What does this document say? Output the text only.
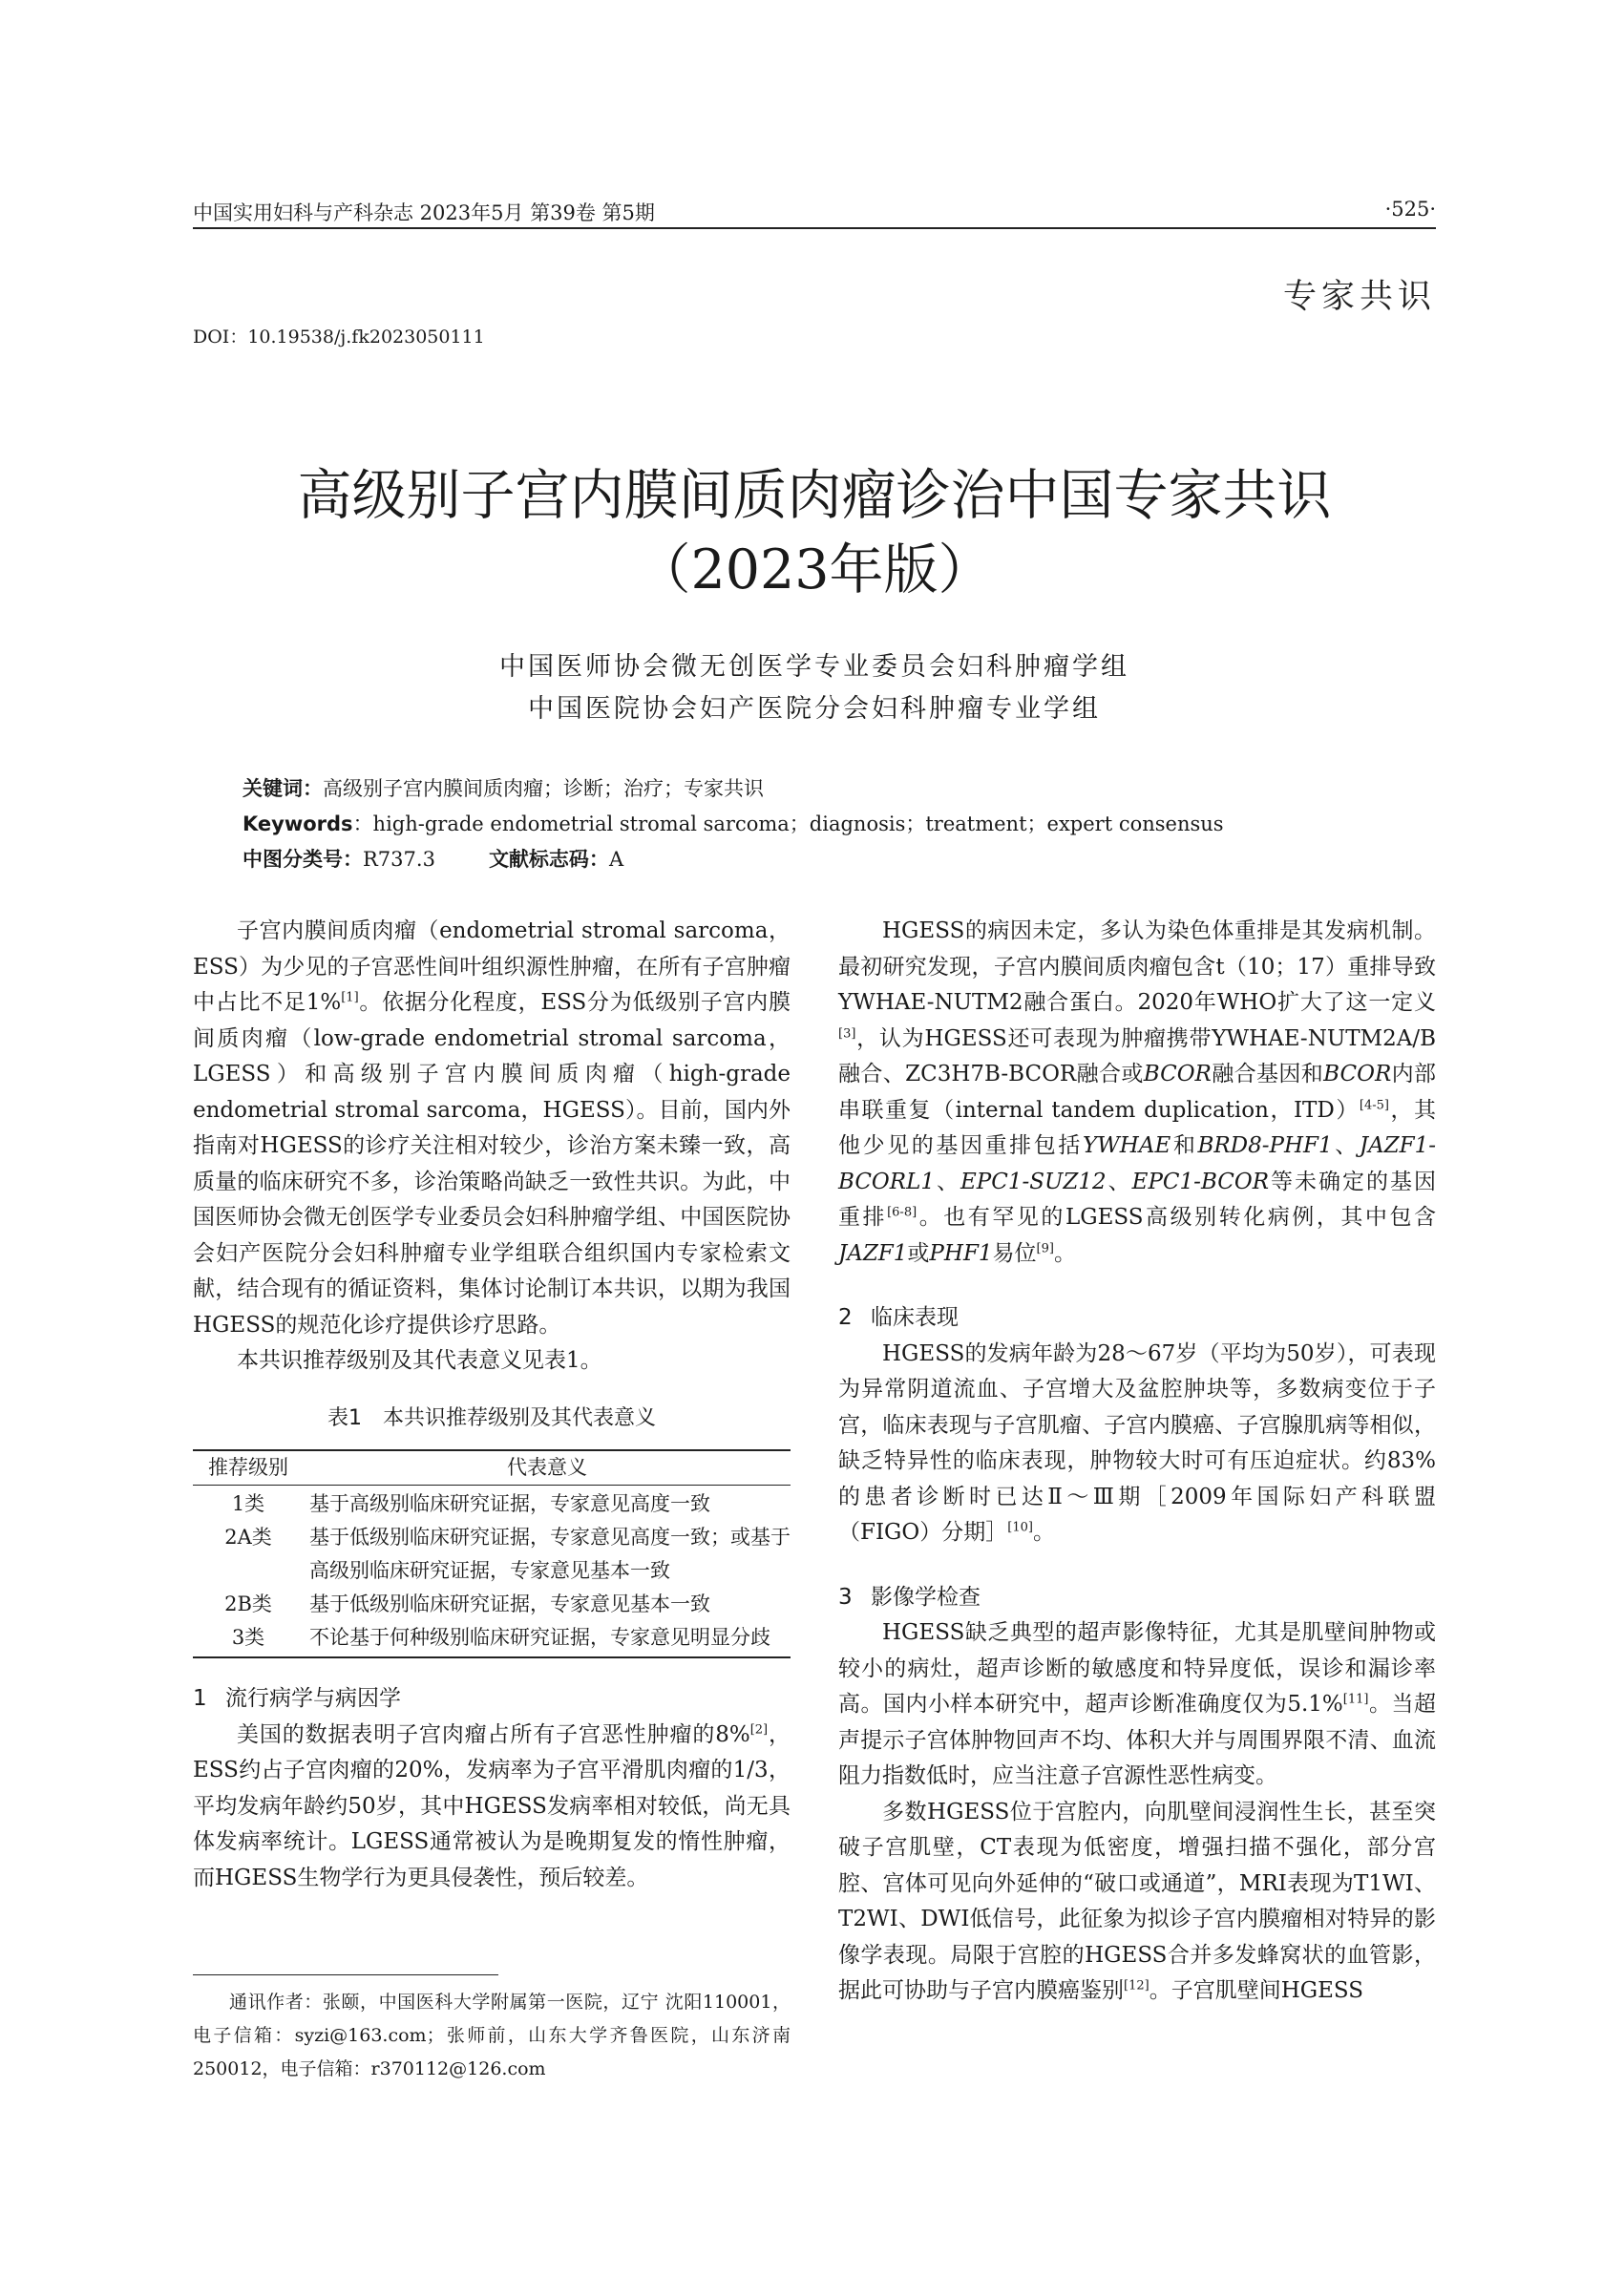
中国实用妇科与产科杂志 2023年5月 第39卷 第5期	·525·
专家共识
DOI：10.19538/j.fk2023050111
高级别子宫内膜间质肉瘤诊治中国专家共识
（2023年版）
中国医师协会微无创医学专业委员会妇科肿瘤学组
中国医院协会妇产医院分会妇科肿瘤专业学组
关键词：高级别子宫内膜间质肉瘤；诊断；治疗；专家共识
Keywords：high-grade endometrial stromal sarcoma；diagnosis；treatment；expert consensus
中图分类号：R737.3	文献标志码：A

子宫内膜间质肉瘤（endometrial stromal sarcoma，ESS）为少见的子宫恶性间叶组织源性肿瘤，在所有子宫肿瘤中占比不足1%[1]。依据分化程度，ESS分为低级别子宫内膜间质肉瘤（low-grade endometrial stromal sarcoma，LGESS）和高级别子宫内膜间质肉瘤（high-grade endometrial stromal sarcoma，HGESS）。目前，国内外指南对HGESS的诊疗关注相对较少，诊治方案未臻一致，高质量的临床研究不多，诊治策略尚缺乏一致性共识。为此，中国医师协会微无创医学专业委员会妇科肿瘤学组、中国医院协会妇产医院分会妇科肿瘤专业学组联合组织国内专家检索文献，结合现有的循证资料，集体讨论制订本共识，以期为我国HGESS的规范化诊疗提供诊疗思路。

本共识推荐级别及其代表意义见表1。

表1　本共识推荐级别及其代表意义
推荐级别	代表意义
1类	基于高级别临床研究证据，专家意见高度一致
2A类	基于低级别临床研究证据，专家意见高度一致；或基于高级别临床研究证据，专家意见基本一致
2B类	基于低级别临床研究证据，专家意见基本一致
3类	不论基于何种级别临床研究证据，专家意见明显分歧
1 流行病学与病因学

美国的数据表明子宫肉瘤占所有子宫恶性肿瘤的8%[2]，ESS约占子宫肉瘤的20%，发病率为子宫平滑肌肉瘤的1/3，平均发病年龄约50岁，其中HGESS发病率相对较低，尚无具体发病率统计。LGESS通常被认为是晚期复发的惰性肿瘤，而HGESS生物学行为更具侵袭性，预后较差。

通讯作者：张颐，中国医科大学附属第一医院，辽宁 沈阳110001，电子信箱：syzi@163.com；张师前，山东大学齐鲁医院，山东济南 250012，电子信箱：r370112@126.com

HGESS的病因未定，多认为染色体重排是其发病机制。最初研究发现，子宫内膜间质肉瘤包含t（10；17）重排导致YWHAE-NUTM2融合蛋白。2020年WHO扩大了这一定义[3]，认为HGESS还可表现为肿瘤携带YWHAE-NUTM2A/B融合、ZC3H7B-BCOR融合或BCOR融合基因和BCOR内部串联重复（internal tandem duplication，ITD）[4-5]，其他少见的基因重排包括YWHAE和BRD8-PHF1、JAZF1-BCORL1、EPC1-SUZ12、EPC1-BCOR等未确定的基因重排[6-8]。也有罕见的LGESS高级别转化病例，其中包含JAZF1或PHF1易位[9]。

2 临床表现

HGESS的发病年龄为28～67岁（平均为50岁），可表现为异常阴道流血、子宫增大及盆腔肿块等，多数病变位于子宫，临床表现与子宫肌瘤、子宫内膜癌、子宫腺肌病等相似，缺乏特异性的临床表现，肿物较大时可有压迫症状。约83%的患者诊断时已达Ⅱ～Ⅲ期［2009年国际妇产科联盟（FIGO）分期］[10]。

3 影像学检查

HGESS缺乏典型的超声影像特征，尤其是肌壁间肿物或较小的病灶，超声诊断的敏感度和特异度低，误诊和漏诊率高。国内小样本研究中，超声诊断准确度仅为5.1%[11]。当超声提示子宫体肿物回声不均、体积大并与周围界限不清、血流阻力指数低时，应当注意子宫源性恶性病变。

多数HGESS位于宫腔内，向肌壁间浸润性生长，甚至突破子宫肌壁，CT表现为低密度，增强扫描不强化，部分宫腔、宫体可见向外延伸的“破口或通道”，MRI表现为T1WI、T2WI、DWI低信号，此征象为拟诊子宫内膜瘤相对特异的影像学表现。局限于宫腔的HGESS合并多发蜂窝状的血管影，据此可协助与子宫内膜癌鉴别[12]。子宫肌壁间HGESS
